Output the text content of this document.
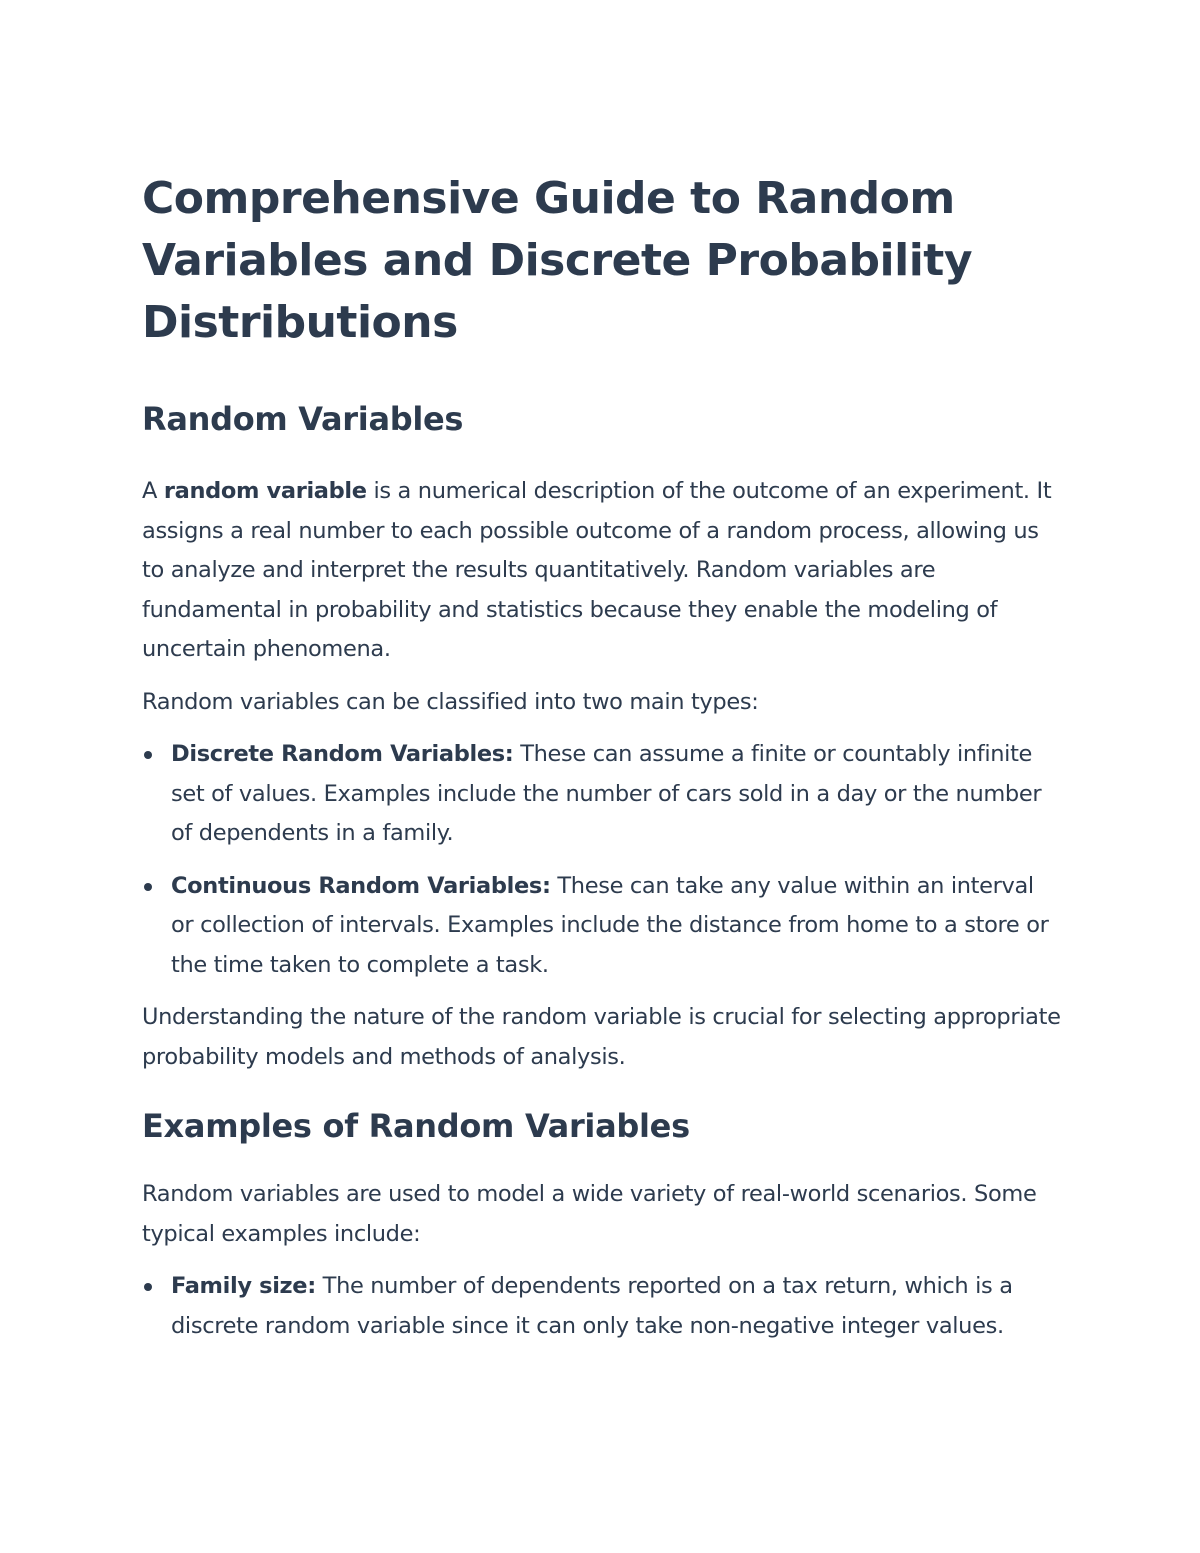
Comprehensive Guide to Random Variables and Discrete Probability Distributions
Random Variables

A random variable is a numerical description of the outcome of an experiment. It assigns a real number to each possible outcome of a random process, allowing us to analyze and interpret the results quantitatively. Random variables are fundamental in probability and statistics because they enable the modeling of uncertain phenomena.

Random variables can be classified into two main types:

Discrete Random Variables: These can assume a finite or countably infinite set of values. Examples include the number of cars sold in a day or the number of dependents in a family.
Continuous Random Variables: These can take any value within an interval or collection of intervals. Examples include the distance from home to a store or the time taken to complete a task.

Understanding the nature of the random variable is crucial for selecting appropriate probability models and methods of analysis.

Examples of Random Variables

Random variables are used to model a wide variety of real-world scenarios. Some typical examples include:

Family size: The number of dependents reported on a tax return, which is a discrete random variable since it can only take non-negative integer values.
